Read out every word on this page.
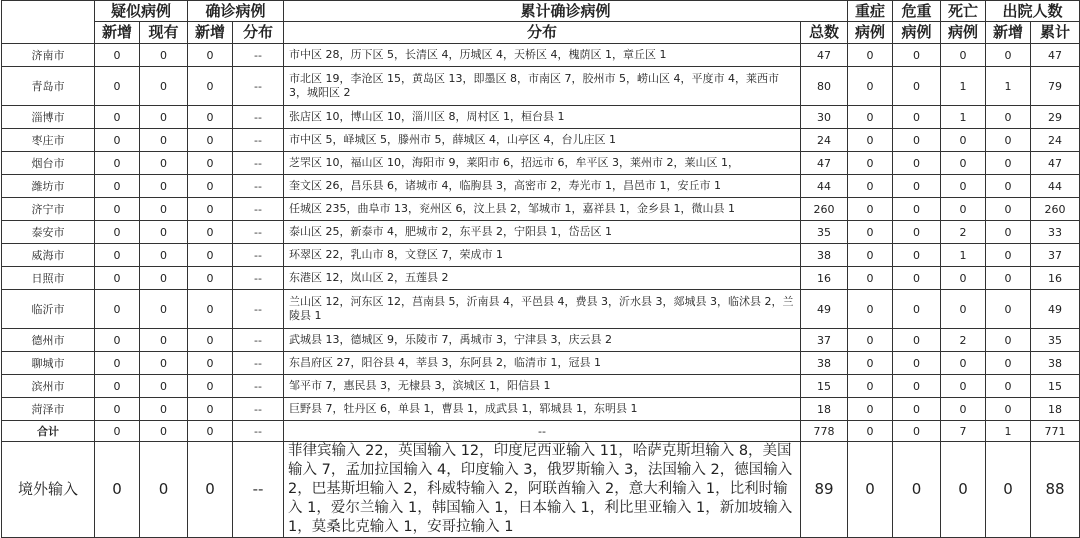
	疑似病例		确诊病例		累计确诊病例		重症	危重	死亡	出院人数	
	新增	现有	新增	分布	分布	总数	病例	病例	病例	新增	累计
济南市	0	0	0	--	市中区 28，历下区 5，长清区 4，历城区 4，天桥区 4，槐荫区 1，章丘区 1	47	0	0	0	0	47
青岛市	0	0	0	--	市北区 19，李沧区 15，黄岛区 13，即墨区 8，市南区 7，胶州市 5，崂山区 4，平度市 4，莱西市 3，城阳区 2	80	0	0	1	1	79
淄博市	0	0	0	--	张店区 10，博山区 10，淄川区 8，周村区 1，桓台县 1	30	0	0	1	0	29
枣庄市	0	0	0	--	市中区 5，峄城区 5，滕州市 5，薛城区 4，山亭区 4，台儿庄区 1	24	0	0	0	0	24
烟台市	0	0	0	--	芝罘区 10，福山区 10，海阳市 9，莱阳市 6，招远市 6，牟平区 3，莱州市 2，莱山区 1，	47	0	0	0	0	47
潍坊市	0	0	0	--	奎文区 26，昌乐县 6，诸城市 4，临朐县 3，高密市 2，寿光市 1，昌邑市 1，安丘市 1	44	0	0	0	0	44
济宁市	0	0	0	--	任城区 235，曲阜市 13，兖州区 6，汶上县 2，邹城市 1，嘉祥县 1，金乡县 1，微山县 1	260	0	0	0	0	260
泰安市	0	0	0	--	泰山区 25，新泰市 4，肥城市 2，东平县 2，宁阳县 1，岱岳区 1	35	0	0	2	0	33
威海市	0	0	0	--	环翠区 22，乳山市 8，文登区 7，荣成市 1	38	0	0	1	0	37
日照市	0	0	0	--	东港区 12，岚山区 2，五莲县 2	16	0	0	0	0	16
临沂市	0	0	0	--	兰山区 12，河东区 12，莒南县 5，沂南县 4，平邑县 4，费县 3，沂水县 3，郯城县 3，临沭县 2，兰陵县 1	49	0	0	0	0	49
德州市	0	0	0	--	武城县 13，德城区 9，乐陵市 7，禹城市 3，宁津县 3，庆云县 2	37	0	0	2	0	35
聊城市	0	0	0	--	东昌府区 27，阳谷县 4，莘县 3，东阿县 2，临清市 1，冠县 1	38	0	0	0	0	38
滨州市	0	0	0	--	邹平市 7，惠民县 3，无棣县 3，滨城区 1，阳信县 1	15	0	0	0	0	15
菏泽市	0	0	0	--	巨野县 7，牡丹区 6，单县 1，曹县 1，成武县 1，郓城县 1，东明县 1	18	0	0	0	0	18
合计	0	0	0	--	--	778	0	0	7	1	771
境外输入	0	0	0	--	菲律宾输入 22，英国输入 12，印度尼西亚输入 11，哈萨克斯坦输入 8，美国输入 7，孟加拉国输入 4，印度输入 3，俄罗斯输入 3，法国输入 2，德国输入 2，巴基斯坦输入 2，科威特输入 2，阿联酋输入 2，意大利输入 1，比利时输入 1，爱尔兰输入 1，韩国输入 1，日本输入 1，利比里亚输入 1，新加坡输入 1，莫桑比克输入 1，安哥拉输入 1	89	0	0	0	0	88
